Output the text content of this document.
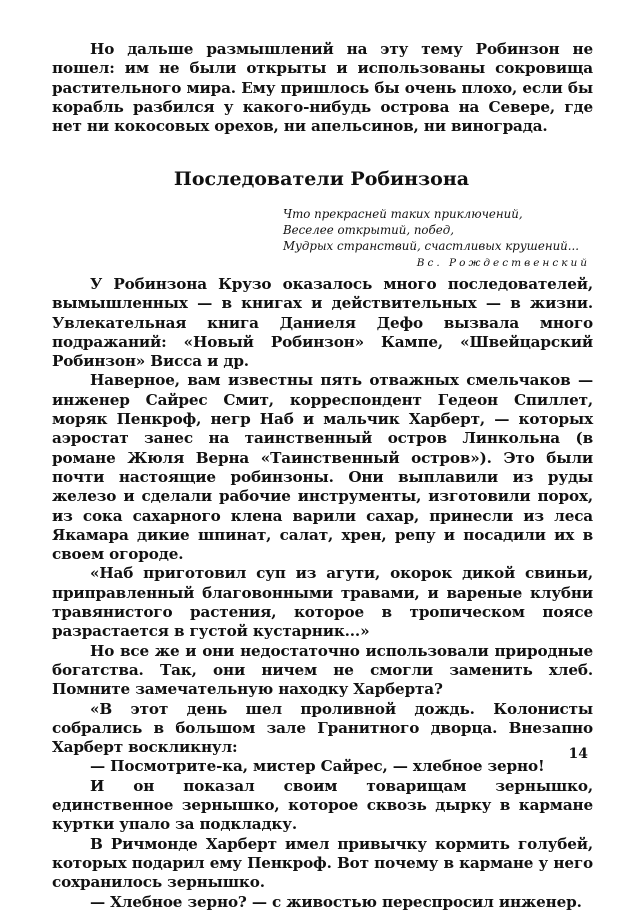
Но дальше размышлений на эту тему Робинзон не пошел: им не были открыты и использованы сокровища растительного мира. Ему пришлось бы очень плохо, если бы корабль разбился у какого-нибудь острова на Севере, где нет ни кокосовых орехов, ни апельсинов, ни винограда.

Последователи Робинзона
Что прекрасней таких приключений,
Веселее открытий, побед,
Мудрых странствий, счастливых крушений...
Вс. Рождественский

У Робинзона Крузо оказалось много последователей, вымышленных — в книгах и действительных — в жизни. Увлекательная книга Даниеля Дефо вызвала много подражаний: «Новый Робинзон» Кампе, «Швейцарский Робинзон» Висса и др.

Наверное, вам известны пять отважных смельчаков — инженер Сайрес Смит, корреспондент Гедеон Спиллет, моряк Пенкроф, негр Наб и мальчик Харберт, — которых аэростат занес на таинственный остров Линкольна (в романе Жюля Верна «Таинственный остров»). Это были почти настоящие робинзоны. Они выплавили из руды железо и сделали рабочие инструменты, изготовили порох, из сока сахарного клена варили сахар, принесли из леса Якамара дикие шпинат, салат, хрен, репу и посадили их в своем огороде.

«Наб приготовил суп из агути, окорок дикой свиньи, приправленный благовонными травами, и вареные клубни травянистого растения, которое в тропическом поясе разрастается в густой кустарник...»

Но все же и они недостаточно использовали природные богатства. Так, они ничем не смогли заменить хлеб. Помните замечательную находку Харберта?

«В этот день шел проливной дождь. Колонисты собрались в большом зале Гранитного дворца. Внезапно Харберт воскликнул:

— Посмотрите-ка, мистер Сайрес, — хлебное зерно!

И он показал своим товарищам зернышко, единственное зернышко, которое сквозь дырку в кармане куртки упало за подкладку.

В Ричмонде Харберт имел привычку кормить голубей, которых подарил ему Пенкроф. Вот почему в кармане у него сохранилось зернышко.

— Хлебное зерно? — с живостью переспросил инженер.

14
